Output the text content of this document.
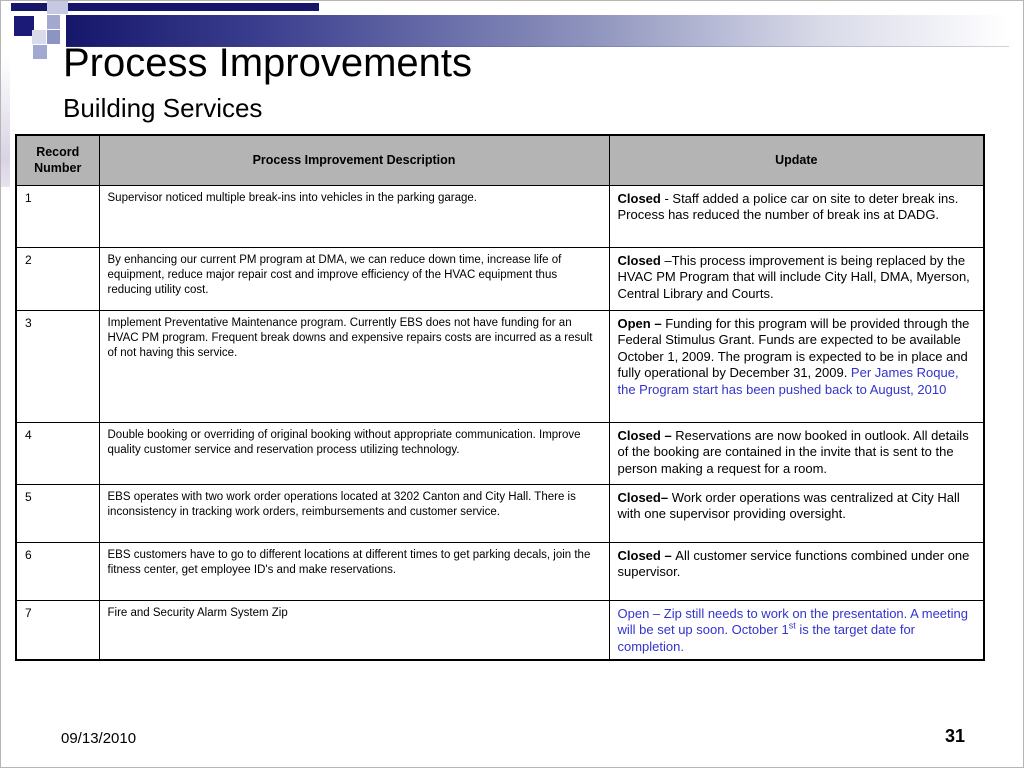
Process Improvements
Building Services
Record Number	Process Improvement Description	Update
1	Supervisor noticed multiple break-ins into vehicles in the parking garage.	Closed - Staff added a police car on site to deter break ins. Process has reduced the number of break ins at DADG.
2	By enhancing our current PM program at DMA, we can reduce down time, increase life of equipment, reduce major repair cost and improve efficiency of the HVAC equipment thus reducing utility cost.	Closed –This process improvement is being replaced by the HVAC PM Program that will include City Hall, DMA, Myerson, Central Library and Courts.
3	Implement Preventative Maintenance program. Currently EBS does not have funding for an HVAC PM program. Frequent break downs and expensive repairs costs are incurred as a result of not having this service.	Open – Funding for this program will be provided through the Federal Stimulus Grant. Funds are expected to be available October 1, 2009. The program is expected to be in place and fully operational by December 31, 2009. Per James Roque, the Program start has been pushed back to August, 2010
4	Double booking or overriding of original booking without appropriate communication. Improve quality customer service and reservation process utilizing technology.	Closed – Reservations are now booked in outlook. All details of the booking are contained in the invite that is sent to the person making a request for a room.
5	EBS operates with two work order operations located at 3202 Canton and City Hall. There is inconsistency in tracking work orders, reimbursements and customer service.	Closed– Work order operations was centralized at City Hall with one supervisor providing oversight.
6	EBS customers have to go to different locations at different times to get parking decals, join the fitness center, get employee ID's and make reservations.	Closed – All customer service functions combined under one supervisor.
7	Fire and Security Alarm System Zip	Open – Zip still needs to work on the presentation. A meeting will be set up soon. October 1st is the target date for completion.
09/13/2010	31
